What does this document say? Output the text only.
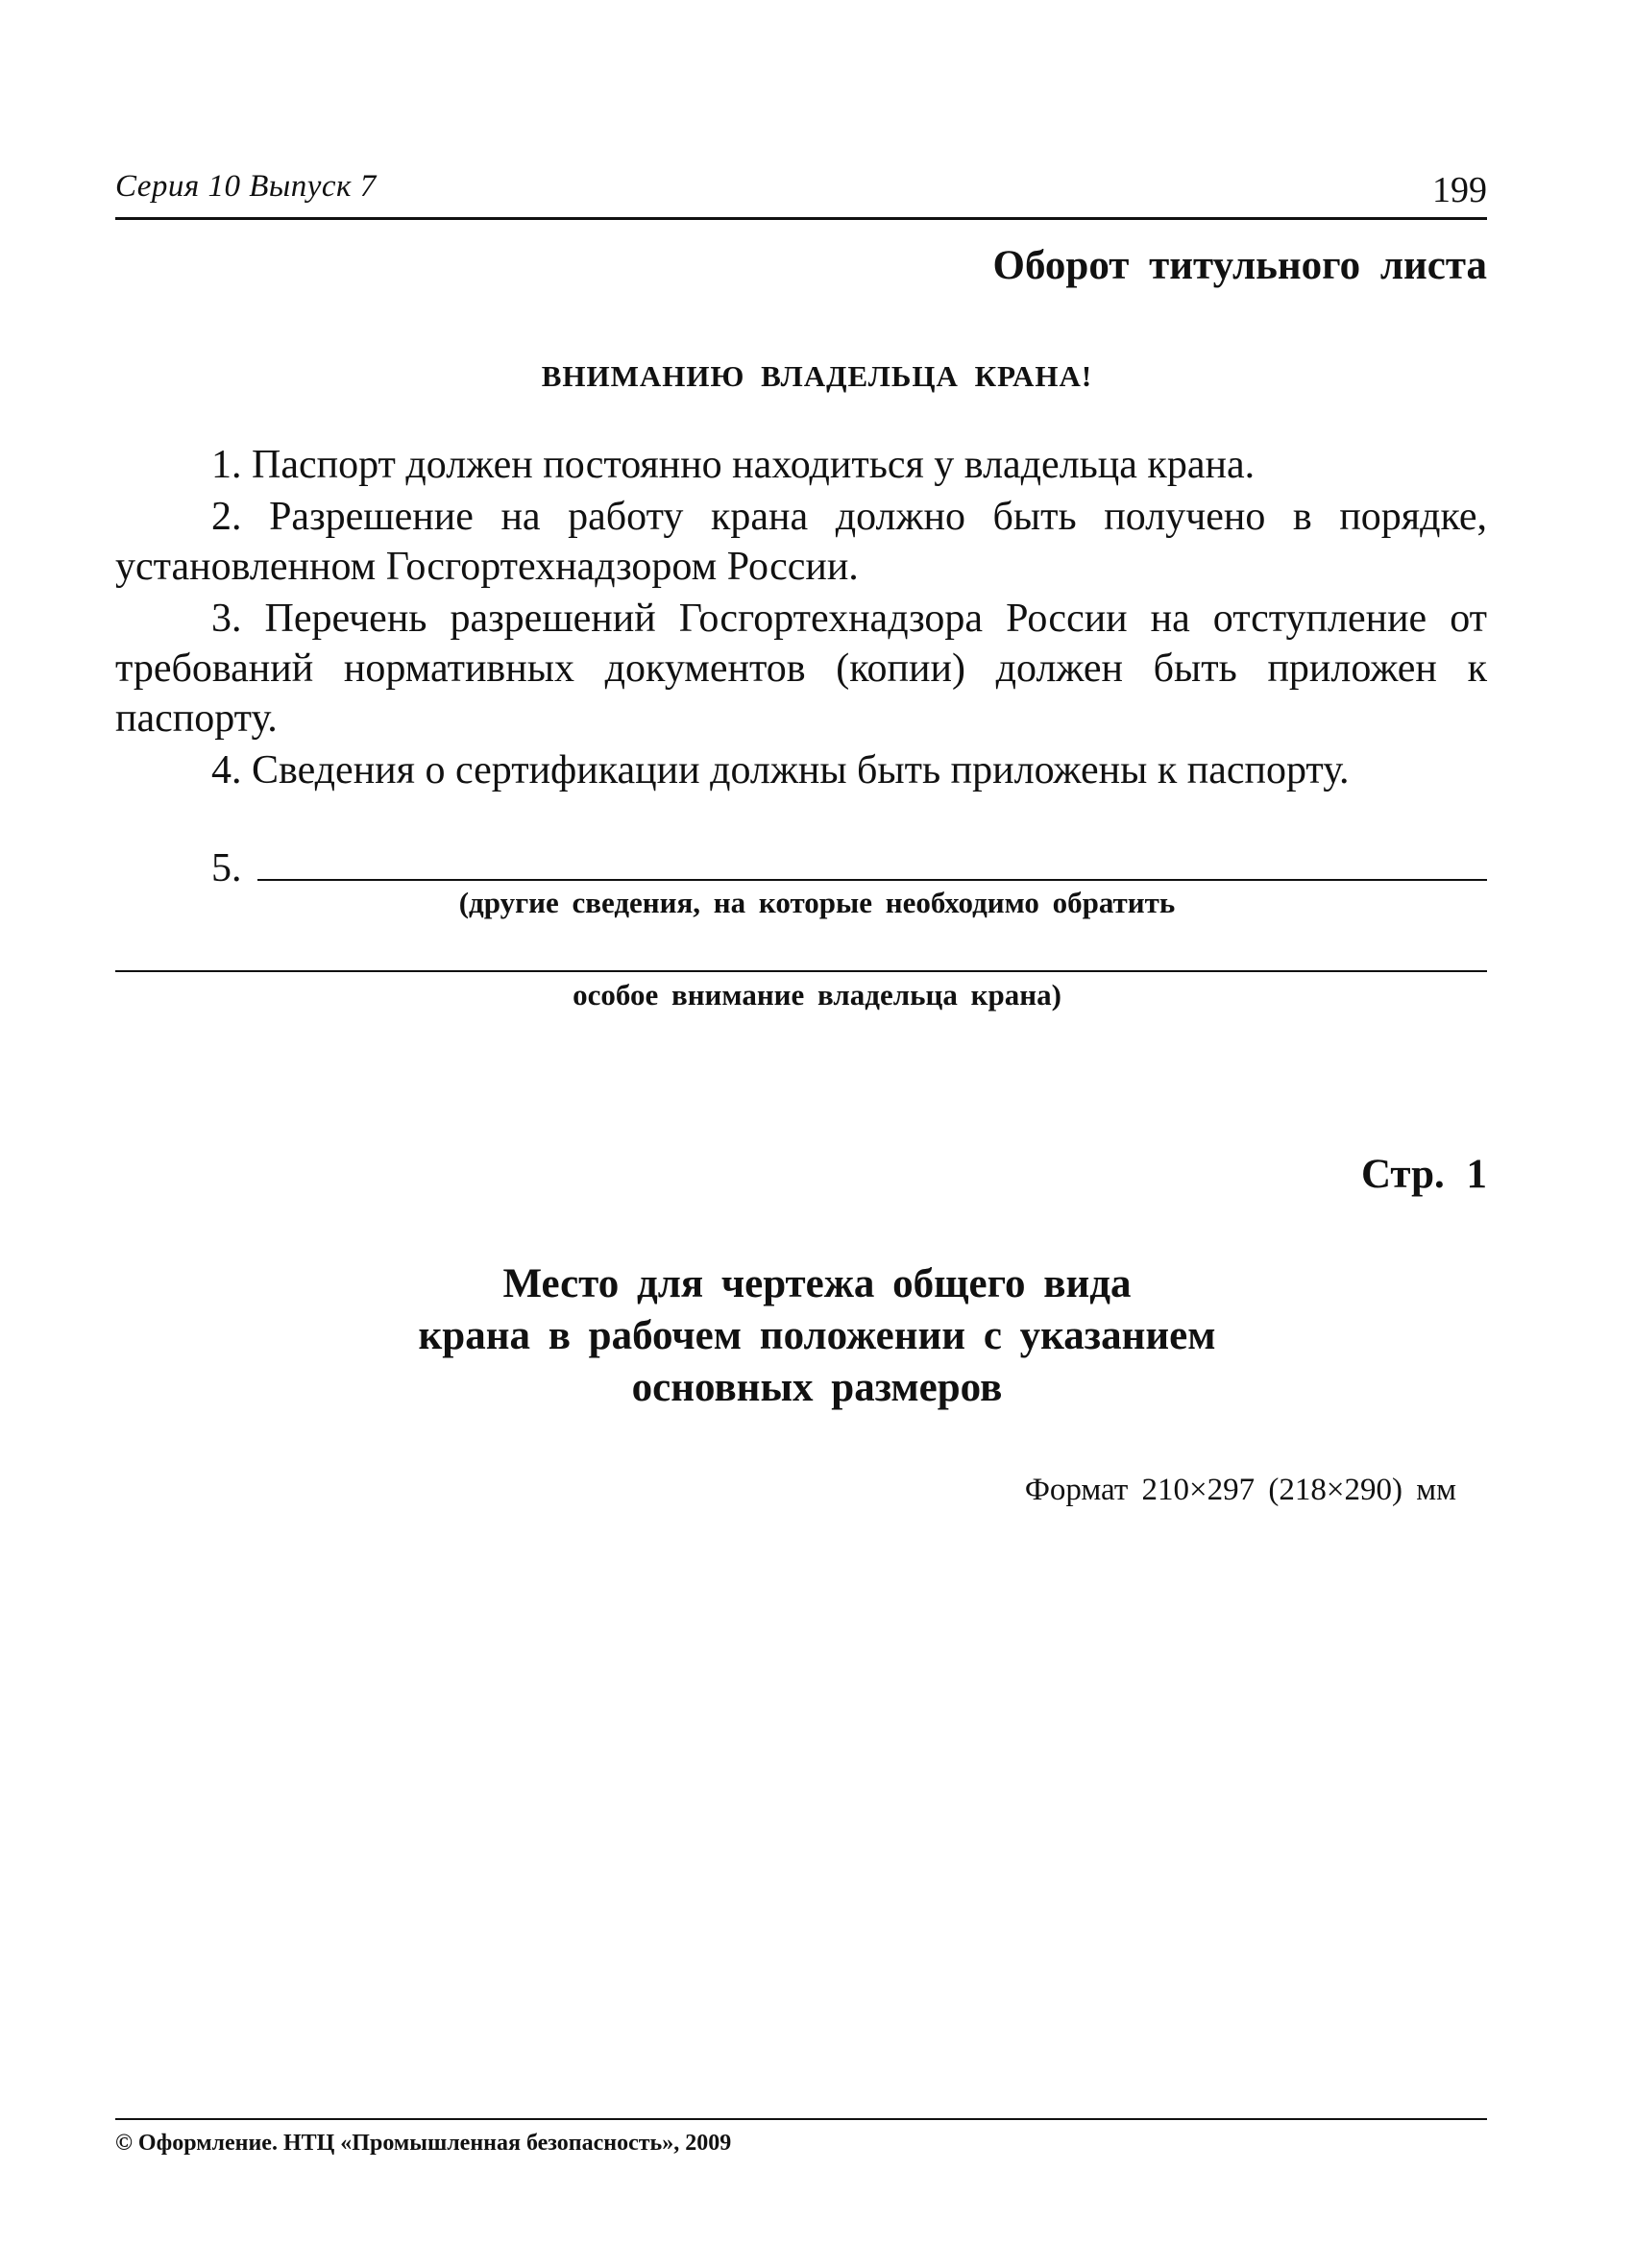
Серия 10 Выпуск 7	199
Оборот титульного листа
ВНИМАНИЮ ВЛАДЕЛЬЦА КРАНА!

1. Паспорт должен постоянно находиться у владельца крана.

2. Разрешение на работу крана должно быть получено в порядке, установленном Госгортехнадзором России.

3. Перечень разрешений Госгортехнадзора России на отступление от требований нормативных документов (копии) должен быть приложен к паспорту.

4. Сведения о сертификации должны быть приложены к паспорту.

5.
(другие сведения, на которые необходимо обратить
особое внимание владельца крана)
Стр. 1
Место для чертежа общего вида
крана в рабочем положении с указанием
основных размеров
Формат 210×297 (218×290) мм
© Оформление. НТЦ «Промышленная безопасность», 2009
